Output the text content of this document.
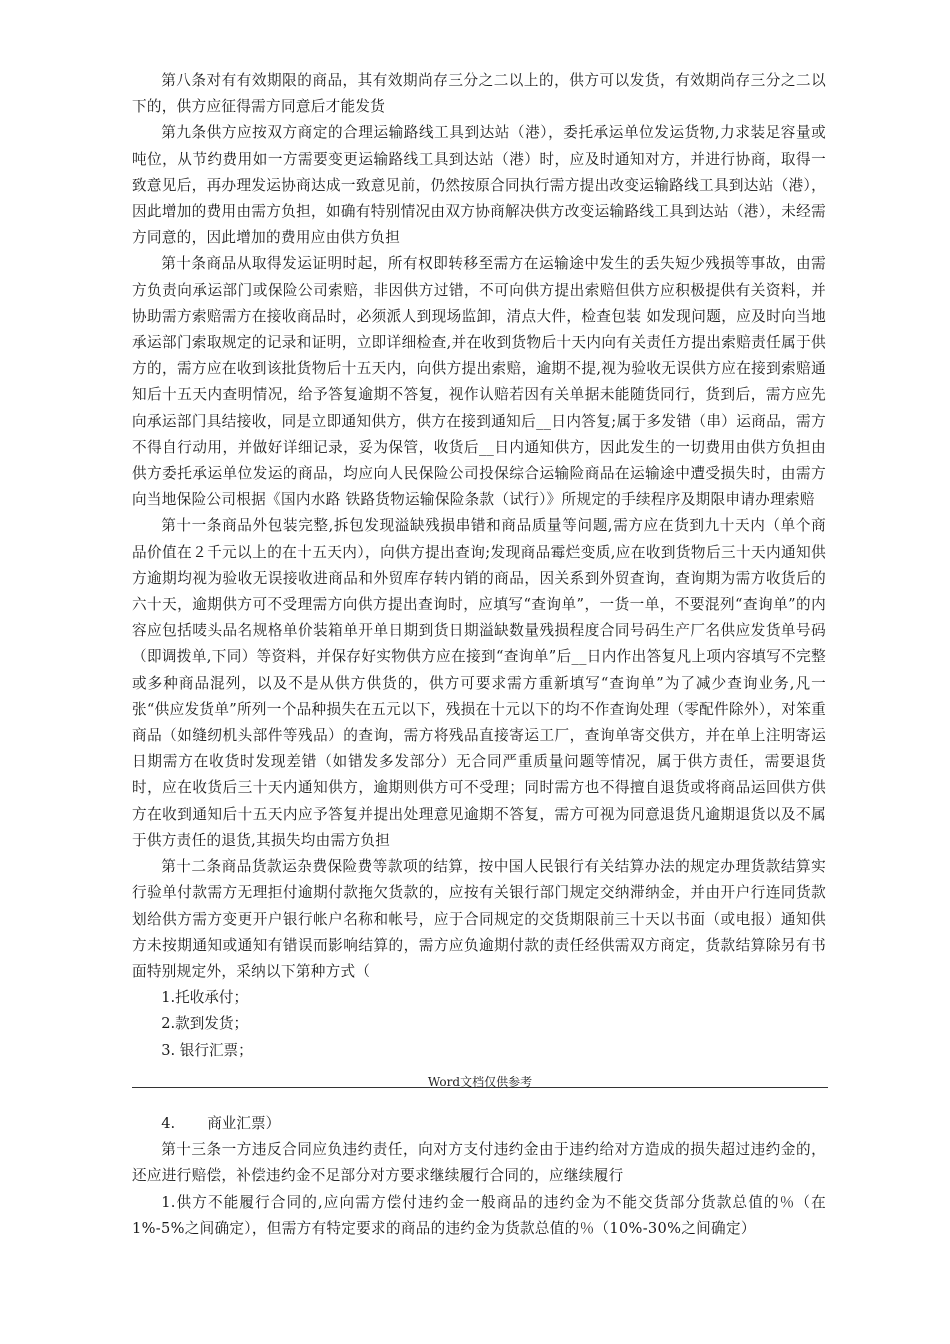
第八条对有有效期限的商品，其有效期尚存三分之二以上的，供方可以发货，有效期尚存三分之二以下的，供方应征得需方同意后才能发货

第九条供方应按双方商定的合理运输路线工具到达站（港），委托承运单位发运货物,力求装足容量或吨位，从节约费用如一方需要变更运输路线工具到达站（港）时，应及时通知对方，并进行协商，取得一致意见后，再办理发运协商达成一致意见前，仍然按原合同执行需方提出改变运输路线工具到达站（港），因此增加的费用由需方负担，如确有特别情况由双方协商解决供方改变运输路线工具到达站（港），未经需方同意的，因此增加的费用应由供方负担

第十条商品从取得发运证明时起，所有权即转移至需方在运输途中发生的丢失短少残损等事故，由需方负责向承运部门或保险公司索赔，非因供方过错，不可向供方提出索赔但供方应积极提供有关资料，并协助需方索赔需方在接收商品时，必须派人到现场监卸，清点大件，检查包装 如发现问题，应及时向当地承运部门索取规定的记录和证明，立即详细检查,并在收到货物后十天内向有关责任方提出索赔责任属于供方的，需方应在收到该批货物后十五天内，向供方提出索赔，逾期不提,视为验收无误供方应在接到索赔通知后十五天内查明情况，给予答复逾期不答复，视作认赔若因有关单据未能随货同行，货到后，需方应先向承运部门具结接收，同是立即通知供方，供方在接到通知后__日内答复;属于多发错（串）运商品，需方不得自行动用，并做好详细记录，妥为保管，收货后__日内通知供方，因此发生的一切费用由供方负担由供方委托承运单位发运的商品，均应向人民保险公司投保综合运输险商品在运输途中遭受损失时，由需方向当地保险公司根据《国内水路 铁路货物运输保险条款（试行）》所规定的手续程序及期限申请办理索赔

第十一条商品外包装完整,拆包发现溢缺残损串错和商品质量等问题,需方应在货到九十天内（单个商品价值在２千元以上的在十五天内），向供方提出查询;发现商品霉烂变质,应在收到货物后三十天内通知供方逾期均视为验收无误接收进商品和外贸库存转内销的商品，因关系到外贸查询，查询期为需方收货后的六十天，逾期供方可不受理需方向供方提出查询时，应填写“查询单”，一货一单，不要混列“查询单”的内容应包括唛头品名规格单价装箱单开单日期到货日期溢缺数量残损程度合同号码生产厂名供应发货单号码（即调拨单,下同）等资料，并保存好实物供方应在接到“查询单”后__日内作出答复凡上项内容填写不完整或多种商品混列，以及不是从供方供货的，供方可要求需方重新填写“查询单”为了减少查询业务,凡一张“供应发货单”所列一个品种损失在五元以下，残损在十元以下的均不作查询处理（零配件除外），对笨重商品（如缝纫机头部件等残品）的查询，需方将残品直接寄运工厂，查询单寄交供方，并在单上注明寄运日期需方在收货时发现差错（如错发多发部分）无合同严重质量问题等情况，属于供方责任，需要退货时，应在收货后三十天内通知供方，逾期则供方可不受理；同时需方也不得擅自退货或将商品运回供方供方在收到通知后十五天内应予答复并提出处理意见逾期不答复，需方可视为同意退货凡逾期退货以及不属于供方责任的退货,其损失均由需方负担

第十二条商品货款运杂费保险费等款项的结算，按中国人民银行有关结算办法的规定办理货款结算实行验单付款需方无理拒付逾期付款拖欠货款的，应按有关银行部门规定交纳滞纳金，并由开户行连同货款划给供方需方变更开户银行帐户名称和帐号，应于合同规定的交货期限前三十天以书面（或电报）通知供方未按期通知或通知有错误而影响结算的，需方应负逾期付款的责任经供需双方商定，货款结算除另有书面特别规定外，采纳以下第种方式（

1.托收承付；

2.款到发货；

3. 银行汇票；

Word文档仅供参考

4. 商业汇票）

第十三条一方违反合同应负违约责任，向对方支付违约金由于违约给对方造成的损失超过违约金的，还应进行赔偿，补偿违约金不足部分对方要求继续履行合同的，应继续履行

1.供方不能履行合同的,应向需方偿付违约金一般商品的违约金为不能交货部分货款总值的％（在1%-5%之间确定），但需方有特定要求的商品的违约金为货款总值的％（10%-30%之间确定）
